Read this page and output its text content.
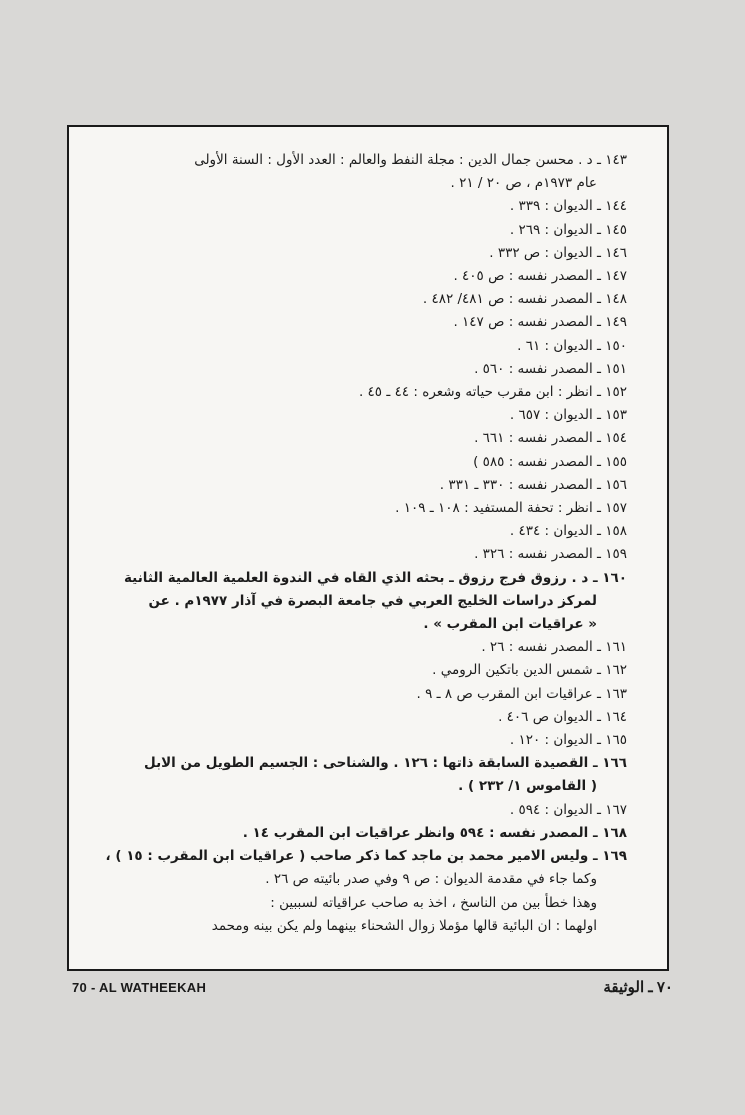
١٤٣ ـ د . محسن جمال الدين : مجلة النفط والعالم : العدد الأول : السنة الأولى
عام ١٩٧٣م ، ص ٢٠ / ٢١ .
١٤٤ ـ الديوان : ٣٣٩ .
١٤٥ ـ الديوان : ٢٦٩ .
١٤٦ ـ الديوان : ص ٣٣٢ .
١٤٧ ـ المصدر نفسه : ص ٤٠٥ .
١٤٨ ـ المصدر نفسه : ص ٤٨١/ ٤٨٢ .
١٤٩ ـ المصدر نفسه : ص ١٤٧ .
١٥٠ ـ الديوان : ٦١ .
١٥١ ـ المصدر نفسه : ٥٦٠ .
١٥٢ ـ انظر : ابن مقرب حياته وشعره : ٤٤ ـ ٤٥ .
١٥٣ ـ الديوان : ٦٥٧ .
١٥٤ ـ المصدر نفسه : ٦٦١ .
١٥٥ ـ المصدر نفسه : ٥٨٥ )
١٥٦ ـ المصدر نفسه : ٣٣٠ ـ ٣٣١ .
١٥٧ ـ انظر : تحفة المستفيد : ١٠٨ ـ ١٠٩ .
١٥٨ ـ الديوان : ٤٣٤ .
١٥٩ ـ المصدر نفسه : ٣٢٦ .
١٦٠ ـ د . رزوق فرج رزوق ـ بحثه الذي القاه في الندوة العلمية العالمية الثانية
لمركز دراسات الخليج العربي في جامعة البصرة في آذار ١٩٧٧م . عن
« عراقيات ابن المقرب » .
١٦١ ـ المصدر نفسه : ٢٦ .
١٦٢ ـ شمس الدين باتكين الرومي .
١٦٣ ـ عراقيات ابن المقرب ص ٨ ـ ٩ .
١٦٤ ـ الديوان ص ٤٠٦ .
١٦٥ ـ الديوان : ١٢٠ .
١٦٦ ـ القصيدة السابقة ذاتها : ١٢٦ . والشناحى : الجسيم الطويل من الابل
( القاموس ١/ ٢٣٢ ) .
١٦٧ ـ الديوان : ٥٩٤ .
١٦٨ ـ المصدر نفسه : ٥٩٤ وانظر عراقيات ابن المقرب ١٤ .
١٦٩ ـ وليس الامير محمد بن ماجد كما ذكر صاحب ( عراقيات ابن المقرب : ١٥ ) ،
وكما جاء في مقدمة الديوان : ص ٩ وفي صدر بائيته ص ٢٦ .
وهذا خطأ بين من الناسخ ، اخذ به صاحب عراقياته لسببين :
اولهما : ان البائية قالها مؤملا زوال الشحناء بينهما ولم يكن بينه ومحمد
70 - AL WATHEEKAH	٧٠ ـ الوثيقة
